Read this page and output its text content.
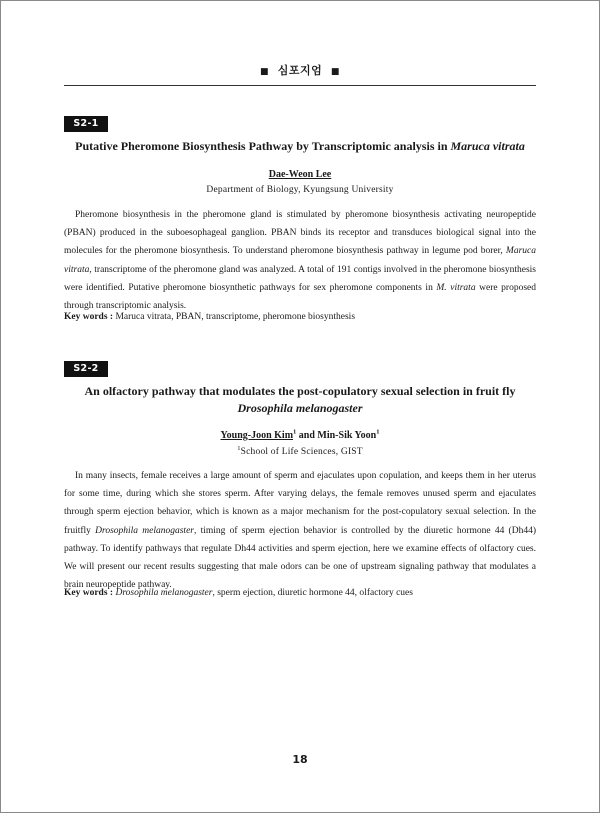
■ 심포지엄 ■
S2-1
Putative Pheromone Biosynthesis Pathway by Transcriptomic analysis in Maruca vitrata
Dae-Weon Lee
Department of Biology, Kyungsung University
Pheromone biosynthesis in the pheromone gland is stimulated by pheromone biosynthesis activating neuropeptide (PBAN) produced in the suboesophageal ganglion. PBAN binds its receptor and transduces biological signal into the molecules for the pheromone biosynthesis. To understand pheromone biosynthesis pathway in legume pod borer, Maruca vitrata, transcriptome of the pheromone gland was analyzed. A total of 191 contigs involved in the pheromone biosynthesis were identified. Putative pheromone biosynthetic pathways for sex pheromone components in M. vitrata were proposed through transcriptomic analysis.
Key words : Maruca vitrata, PBAN, transcriptome, pheromone biosynthesis
S2-2
An olfactory pathway that modulates the post-copulatory sexual selection in fruit fly
Drosophila melanogaster
Young-Joon Kim$^1$ and Min-Sik Yoon$^1$
$^1$School of Life Sciences, GIST
In many insects, female receives a large amount of sperm and ejaculates upon copulation, and keeps them in her uterus for some time, during which she stores sperm. After varying delays, the female removes unused sperm and ejaculates through sperm ejection behavior, which is known as a major mechanism for the post-copulatory sexual selection. In the fruitfly Drosophila melanogaster, timing of sperm ejection behavior is controlled by the diuretic hormone 44 (Dh44) pathway. To identify pathways that regulate Dh44 activities and sperm ejection, here we examine effects of olfactory cues. We will present our recent results suggesting that male odors can be one of upstream signaling pathway that modulates a brain neuropeptide pathway.
Key words : Drosophila melanogaster, sperm ejection, diuretic hormone 44, olfactory cues
18
